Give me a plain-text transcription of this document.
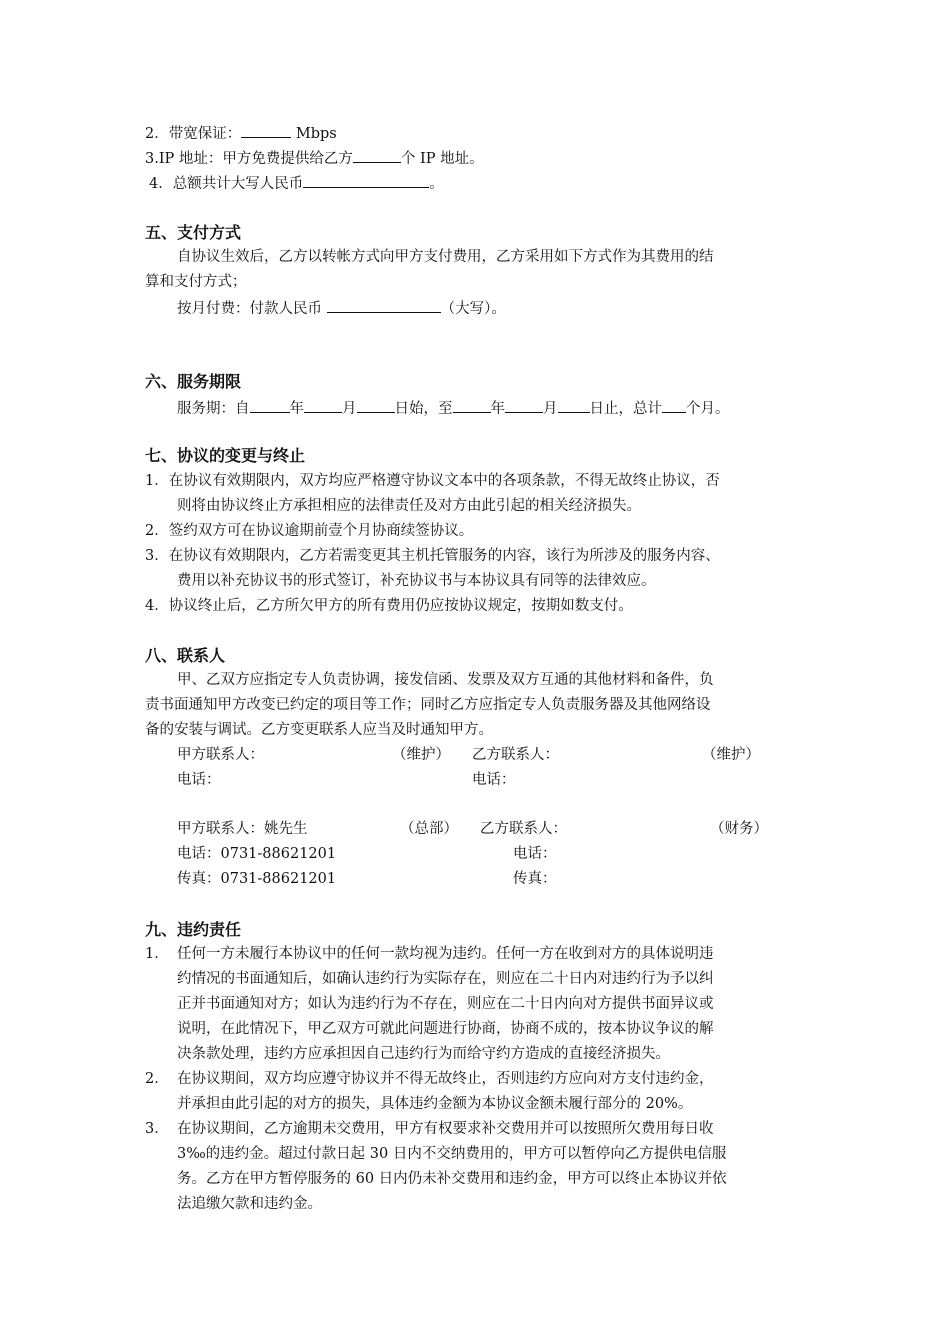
2．带宽保证：	Mbps
3.IP 地址：甲方免费提供给乙方	个 IP 地址。
4．总额共计大写人民币	。
五、支付方式
自协议生效后，乙方以转帐方式向甲方支付费用，乙方采用如下方式作为其费用的结
算和支付方式；
按月付费：付款人民币	（大写）。
六、服务期限
服务期：自	年	月	日始，至	年	月 日止，总计 个月。
七、协议的变更与终止
1．在协议有效期限内，双方均应严格遵守协议文本中的各项条款，不得无故终止协议，否
则将由协议终止方承担相应的法律责任及对方由此引起的相关经济损失。
2．签约双方可在协议逾期前壹个月协商续签协议。
3．在协议有效期限内，乙方若需变更其主机托管服务的内容，该行为所涉及的服务内容、
费用以补充协议书的形式签订，补充协议书与本协议具有同等的法律效应。
4．协议终止后，乙方所欠甲方的所有费用仍应按协议规定，按期如数支付。
八、联系人
甲、乙双方应指定专人负责协调，接发信函、发票及双方互通的其他材料和备件，负
责书面通知甲方改变已约定的项目等工作；同时乙方应指定专人负责服务器及其他网络设
备的安装与调试。乙方变更联系人应当及时通知甲方。
甲方联系人：	（维护） 乙方联系人：	（维护）
电话：	电话：
甲方联系人：姚先生	（总部） 乙方联系人：	（财务）
电话：0731-88621201	电话：
传真：0731-88621201	传真：
九、违约责任
1． 任何一方未履行本协议中的任何一款均视为违约。任何一方在收到对方的具体说明违
约情况的书面通知后，如确认违约行为实际存在，则应在二十日内对违约行为予以纠
正并书面通知对方；如认为违约行为不存在，则应在二十日内向对方提供书面异议或
说明，在此情况下，甲乙双方可就此问题进行协商，协商不成的，按本协议争议的解
决条款处理，违约方应承担因自己违约行为而给守约方造成的直接经济损失。
2． 在协议期间，双方均应遵守协议并不得无故终止，否则违约方应向对方支付违约金，
并承担由此引起的对方的损失，具体违约金额为本协议金额未履行部分的 20%。
3． 在协议期间，乙方逾期未交费用，甲方有权要求补交费用并可以按照所欠费用每日收
3‰的违约金。超过付款日起 30 日内不交纳费用的，甲方可以暂停向乙方提供电信服
务。乙方在甲方暂停服务的 60 日内仍未补交费用和违约金，甲方可以终止本协议并依
法追缴欠款和违约金。
